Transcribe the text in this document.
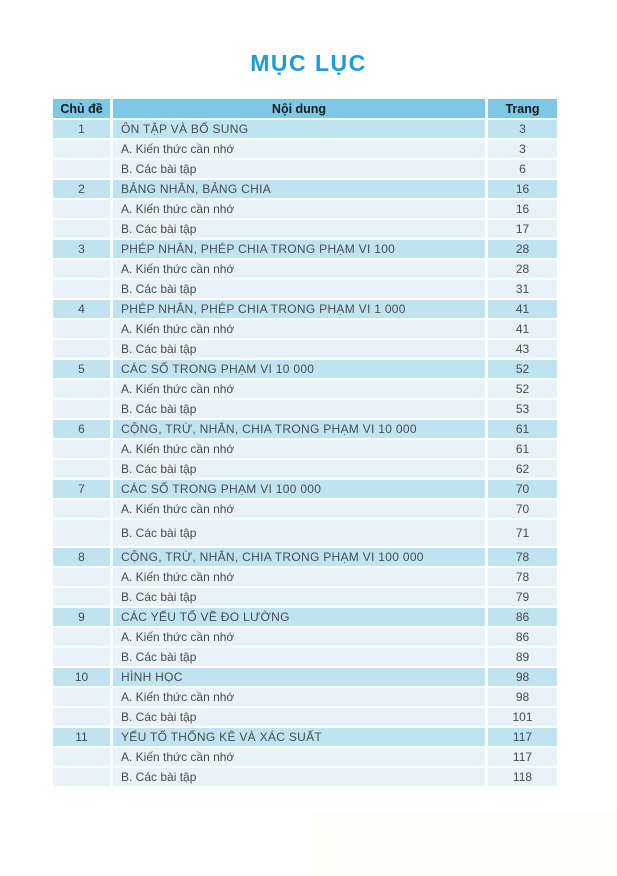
MỤC LỤC
Chủ đề	Nội dung	Trang
1	ÔN TẬP VÀ BỔ SUNG	3
	A. Kiến thức cần nhớ	3
	B. Các bài tập	6
2	BẢNG NHÂN, BẢNG CHIA	16
	A. Kiến thức cần nhớ	16
	B. Các bài tập	17
3	PHÉP NHÂN, PHÉP CHIA TRONG PHẠM VI 100	28
	A. Kiến thức cần nhớ	28
	B. Các bài tập	31
4	PHÉP NHÂN, PHÉP CHIA TRONG PHẠM VI 1 000	41
	A. Kiến thức cần nhớ	41
	B. Các bài tập	43
5	CÁC SỐ TRONG PHẠM VI 10 000	52
	A. Kiến thức cần nhớ	52
	B. Các bài tập	53
6	CỘNG, TRỪ, NHÂN, CHIA TRONG PHẠM VI 10 000	61
	A. Kiến thức cần nhớ	61
	B. Các bài tập	62
7	CÁC SỐ TRONG PHẠM VI 100 000	70
	A. Kiến thức cần nhớ	70
	B. Các bài tập	71
8	CỘNG, TRỪ, NHÂN, CHIA TRONG PHẠM VI 100 000	78
	A. Kiến thức cần nhớ	78
	B. Các bài tập	79
9	CÁC YẾU TỐ VỀ ĐO LƯỜNG	86
	A. Kiến thức cần nhớ	86
	B. Các bài tập	89
10	HÌNH HỌC	98
	A. Kiến thức cần nhớ	98
	B. Các bài tập	101
11	YẾU TỐ THỐNG KÊ VÀ XÁC SUẤT	117
	A. Kiến thức cần nhớ	117
	B. Các bài tập	118
